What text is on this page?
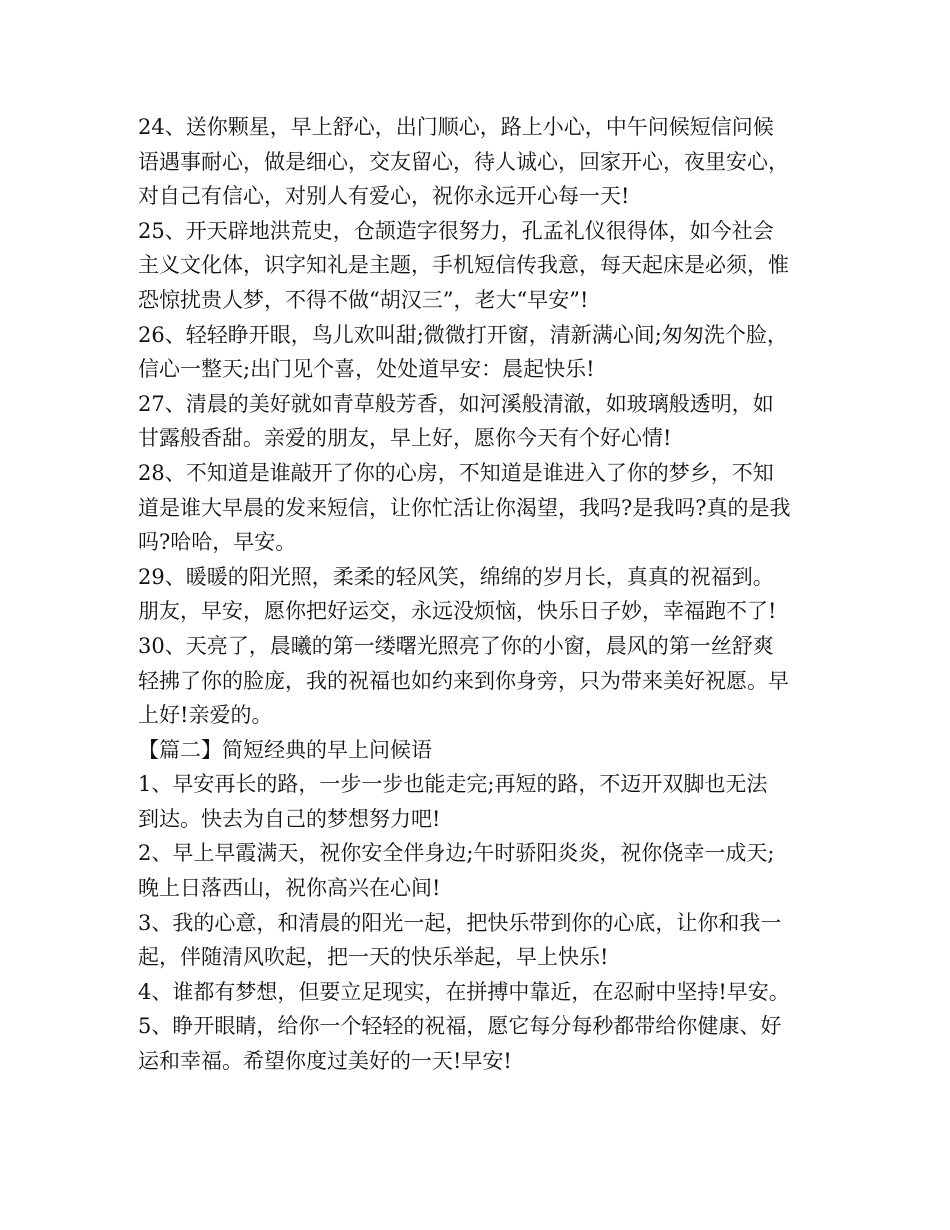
24、送你颗星，早上舒心，出门顺心，路上小心，中午问候短信问候
语遇事耐心，做是细心，交友留心，待人诚心，回家开心，夜里安心，
对自己有信心，对别人有爱心，祝你永远开心每一天!
25、开天辟地洪荒史，仓颉造字很努力，孔孟礼仪很得体，如今社会
主义文化体，识字知礼是主题，手机短信传我意，每天起床是必须，惟
恐惊扰贵人梦，不得不做“胡汉三”，老大“早安”!
26、轻轻睁开眼，鸟儿欢叫甜;微微打开窗，清新满心间;匆匆洗个脸，
信心一整天;出门见个喜，处处道早安：晨起快乐!
27、清晨的美好就如青草般芳香，如河溪般清澈，如玻璃般透明，如
甘露般香甜。亲爱的朋友，早上好，愿你今天有个好心情!
28、不知道是谁敲开了你的心房，不知道是谁进入了你的梦乡，不知
道是谁大早晨的发来短信，让你忙活让你渴望，我吗?是我吗?真的是我
吗?哈哈，早安。
29、暖暖的阳光照，柔柔的轻风笑，绵绵的岁月长，真真的祝福到。
朋友，早安，愿你把好运交，永远没烦恼，快乐日子妙，幸福跑不了!
30、天亮了，晨曦的第一缕曙光照亮了你的小窗，晨风的第一丝舒爽
轻拂了你的脸庞，我的祝福也如约来到你身旁，只为带来美好祝愿。早
上好!亲爱的。
【篇二】简短经典的早上问候语
1、早安再长的路，一步一步也能走完;再短的路，不迈开双脚也无法
到达。快去为自己的梦想努力吧!
2、早上早霞满天，祝你安全伴身边;午时骄阳炎炎，祝你侥幸一成天;
晚上日落西山，祝你高兴在心间!
3、我的心意，和清晨的阳光一起，把快乐带到你的心底，让你和我一
起，伴随清风吹起，把一天的快乐举起，早上快乐!
4、谁都有梦想，但要立足现实，在拼搏中靠近，在忍耐中坚持!早安。
5、睁开眼睛，给你一个轻轻的祝福，愿它每分每秒都带给你健康、好
运和幸福。希望你度过美好的一天!早安!
